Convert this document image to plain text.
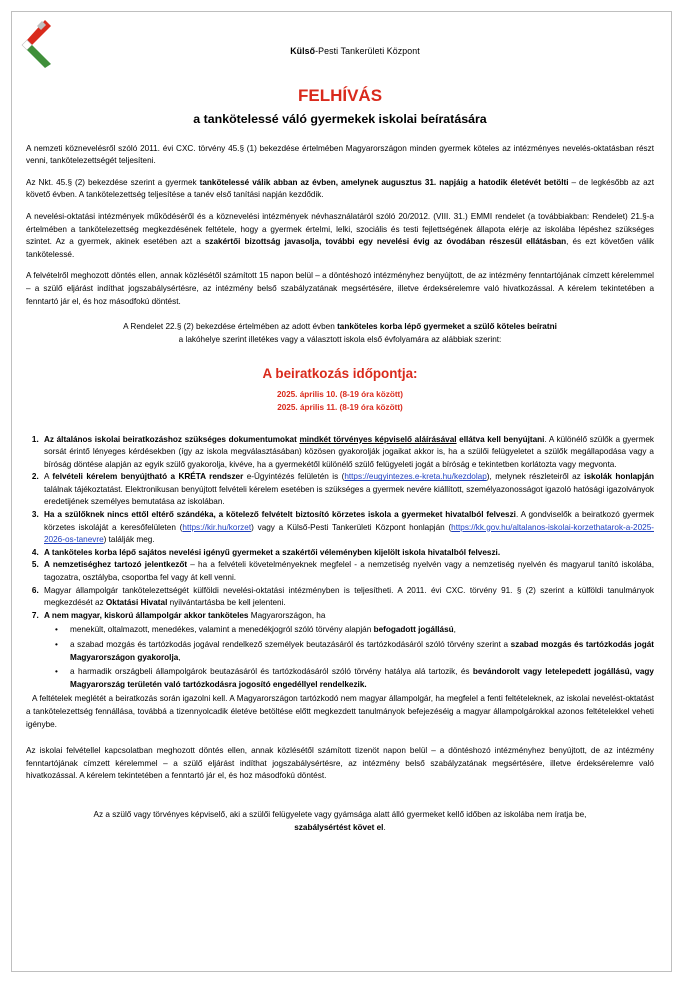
Külső-Pesti Tankerületi Központ
FELHÍVÁS
a tankötelessé váló gyermekek iskolai beíratására

A nemzeti köznevelésről szóló 2011. évi CXC. törvény 45.§ (1) bekezdése értelmében Magyarországon minden gyermek köteles az intézményes nevelés-oktatásban részt venni, tankötelezettségét teljesíteni.

Az Nkt. 45.§ (2) bekezdése szerint a gyermek tankötelessé válik abban az évben, amelynek augusztus 31. napjáig a hatodik életévét betölti – de legkésőbb az azt követő évben. A tankötelezettség teljesítése a tanév első tanítási napján kezdődik.

A nevelési-oktatási intézmények működéséről és a köznevelési intézmények névhasználatáról szóló 20/2012. (VIII. 31.) EMMI rendelet (a továbbiakban: Rendelet) 21.§-a értelmében a tankötelezettség megkezdésének feltétele, hogy a gyermek értelmi, lelki, szociális és testi fejlettségének állapota elérje az iskolába lépéshez szükséges szintet. Az a gyermek, akinek esetében azt a szakértői bizottság javasolja, további egy nevelési évig az óvodában részesül ellátásban, és ezt követően válik tankötelessé.

A felvételről meghozott döntés ellen, annak közlésétől számított 15 napon belül – a döntéshozó intézményhez benyújtott, de az intézmény fenntartójának címzett kérelemmel – a szülő eljárást indíthat jogszabálysértésre, az intézmény belső szabályzatának megsértésére, illetve érdeksérelemre való hivatkozással. A kérelem tekintetében a fenntartó jár el, és hoz másodfokú döntést.

A Rendelet 22.§ (2) bekezdése értelmében az adott évben tanköteles korba lépő gyermeket a szülő köteles beíratni
a lakóhelye szerint illetékes vagy a választott iskola első évfolyamára az alábbiak szerint:

A beiratkozás időpontja:
2025. április 10. (8-19 óra között)
2025. április 11. (8-19 óra között)
1. Az általános iskolai beiratkozáshoz szükséges dokumentumokat mindkét törvényes képviselő aláírásával ellátva kell benyújtani. A különélő szülők a gyermek sorsát érintő lényeges kérdésekben (így az iskola megválasztásában) közösen gyakorolják jogaikat akkor is, ha a szülői felügyeletet a szülők megállapodása vagy a bíróság döntése alapján az egyik szülő gyakorolja, kivéve, ha a gyermekétől különélő szülő felügyeleti jogát a bíróság e tekintetben korlátozta vagy megvonta.
2. A felvételi kérelem benyújtható a KRÉTA rendszer e-Ügyintézés felületén is (https://eugyintezes.e-kreta.hu/kezdolap), melynek részleteiről az iskolák honlapján találnak tájékoztatást. Elektronikusan benyújtott felvételi kérelem esetében is szükséges a gyermek nevére kiállított, személyazonosságot igazoló hatósági igazolványok eredetijének személyes bemutatása az iskolában.
3. Ha a szülőknek nincs ettől eltérő szándéka, a kötelező felvételt biztosító körzetes iskola a gyermeket hivatalból felveszi. A gondviselők a beiratkozó gyermek körzetes iskoláját a keresőfelületen (https://kir.hu/korzet) vagy a Külső-Pesti Tankerületi Központ honlapján (https://kk.gov.hu/altalanos-iskolai-korzethatarok-a-2025-2026-os-tanevre) találják meg.
4. A tanköteles korba lépő sajátos nevelési igényű gyermeket a szakértői véleményben kijelölt iskola hivatalból felveszi.
5. A nemzetiséghez tartozó jelentkezőt – ha a felvételi követelményeknek megfelel - a nemzetiség nyelvén vagy a nemzetiség nyelvén és magyarul tanító iskolába, tagozatra, osztályba, csoportba fel vagy át kell venni.
6. Magyar állampolgár tankötelezettségét külföldi nevelési-oktatási intézményben is teljesítheti. A 2011. évi CXC. törvény 91. § (2) szerint a külföldi tanulmányok megkezdését az Oktatási Hivatal nyilvántartásba be kell jelenteni.
7. A nem magyar, kiskorú állampolgár akkor tanköteles Magyarországon, ha
• menekült, oltalmazott, menedékes, valamint a menedékjogról szóló törvény alapján befogadott jogállású,
• a szabad mozgás és tartózkodás jogával rendelkező személyek beutazásáról és tartózkodásáról szóló törvény szerint a szabad mozgás és tartózkodás jogát Magyarországon gyakorolja,
• a harmadik országbeli állampolgárok beutazásáról és tartózkodásáról szóló törvény hatálya alá tartozik, és bevándorolt vagy letelepedett jogállású, vagy Magyarország területén való tartózkodásra jogosító engedéllyel rendelkezik.

A feltételek meglétét a beiratkozás során igazolni kell. A Magyarországon tartózkodó nem magyar állampolgár, ha megfelel a fenti feltételeknek, az iskolai nevelést-oktatást a tankötelezettség fennállása, továbbá a tizennyolcadik életéve betöltése előtt megkezdett tanulmányok befejezéséig a magyar állampolgárokkal azonos feltételekkel veheti igénybe.

Az iskolai felvétellel kapcsolatban meghozott döntés ellen, annak közlésétől számított tizenöt napon belül – a döntéshozó intézményhez benyújtott, de az intézmény fenntartójának címzett kérelemmel – a szülő eljárást indíthat jogszabálysértésre, az intézmény belső szabályzatának megsértésére, illetve érdeksérelemre való hivatkozással. A kérelem tekintetében a fenntartó jár el, és hoz másodfokú döntést.

Az a szülő vagy törvényes képviselő, aki a szülői felügyelete vagy gyámsága alatt álló gyermeket kellő időben az iskolába nem íratja be,
szabálysértést követ el.
